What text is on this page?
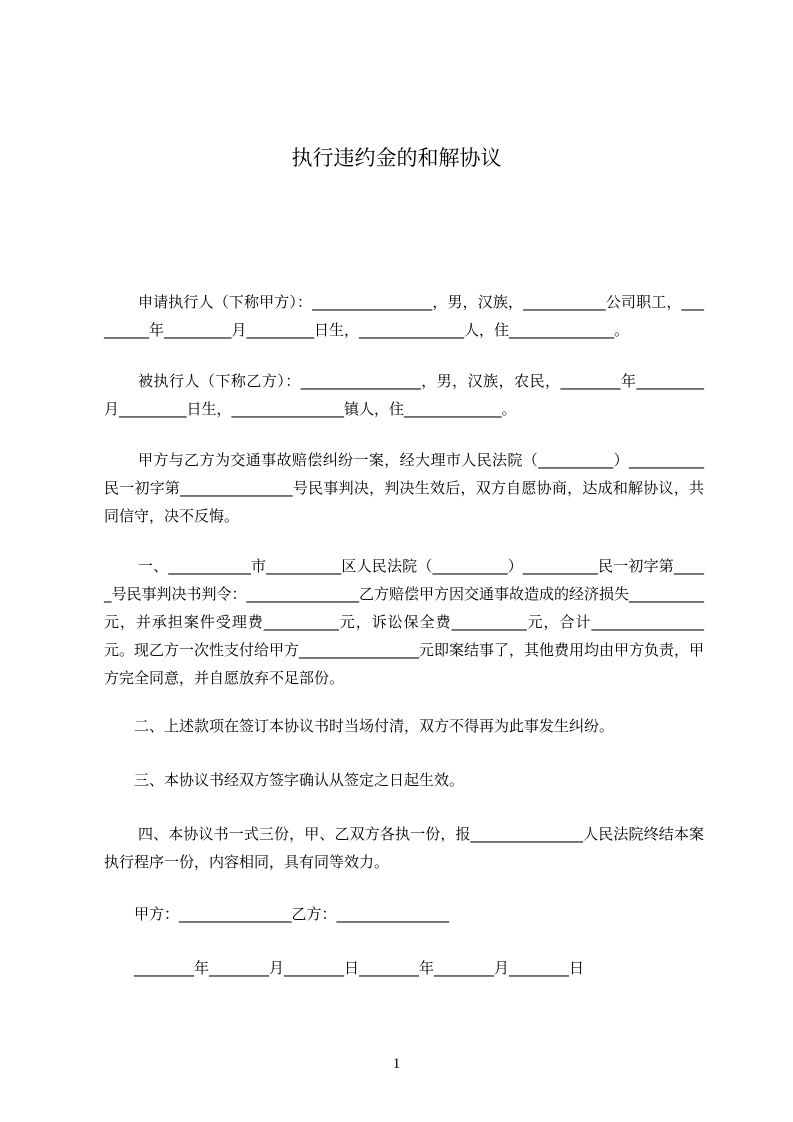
执行违约金的和解协议

申请执行人（下称甲方）：________________，男，汉族，___________公司职工，_________年_________月_________日生，______________人，住______________。

被执行人（下称乙方）：________________，男，汉族，农民，________年_________月_________日生，_______________镇人，住_____________。

甲方与乙方为交通事故赔偿纠纷一案，经大理市人民法院（__________）__________民一初字第_______________号民事判决，判决生效后，双方自愿协商，达成和解协议，共同信守，决不反悔。

一、___________市__________区人民法院（__________）__________民一初字第_____号民事判决书判令：_______________乙方赔偿甲方因交通事故造成的经济损失__________元，并承担案件受理费__________元，诉讼保全费__________元，合计_______________元。现乙方一次性支付给甲方________________元即案结事了，其他费用均由甲方负责，甲方完全同意，并自愿放弃不足部份。

二、上述款项在签订本协议书时当场付清，双方不得再为此事发生纠纷。

三、本协议书经双方签字确认从签定之日起生效。

四、本协议书一式三份，甲、乙双方各执一份，报_______________人民法院终结本案执行程序一份，内容相同，具有同等效力。

甲方：_______________乙方：_______________

________年________月________日________年________月________日

1
